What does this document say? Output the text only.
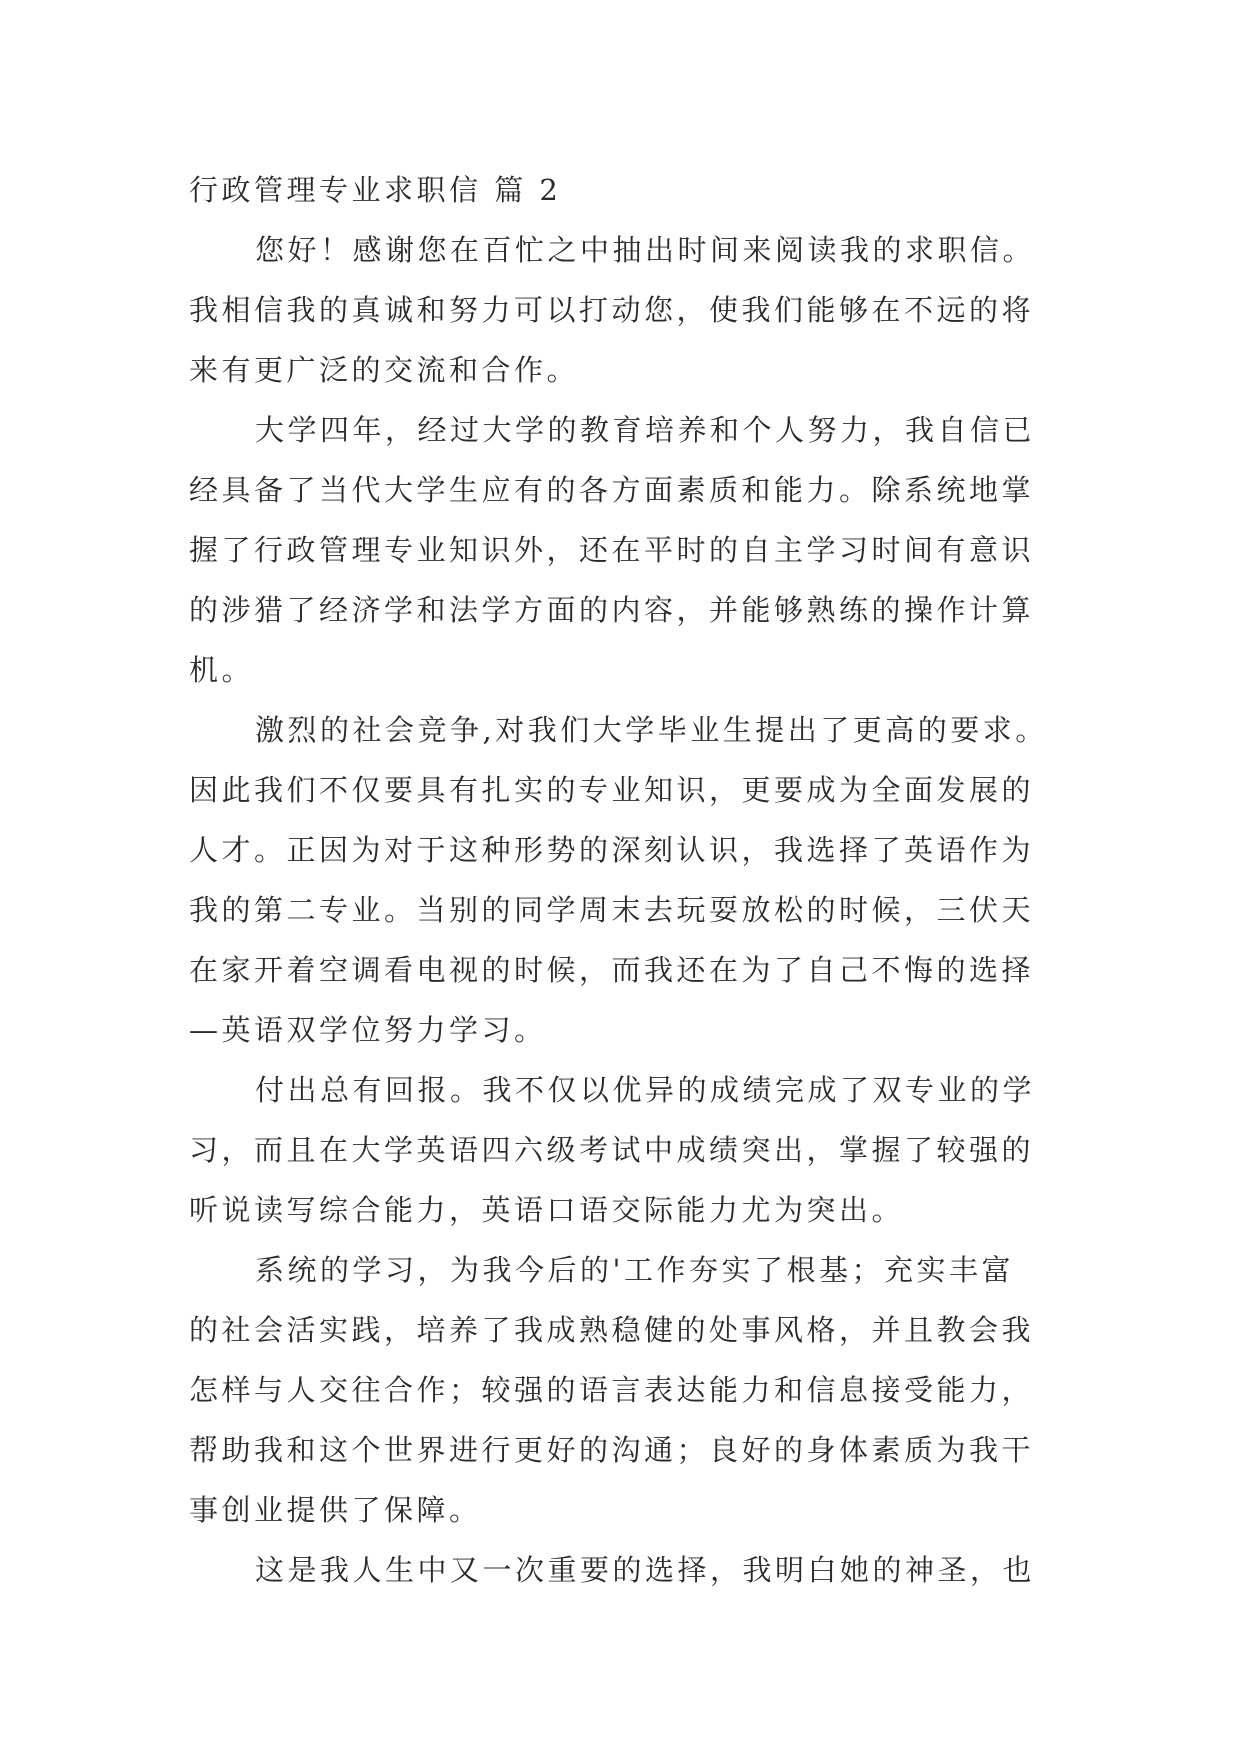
行政管理专业求职信 篇 2
您好！感谢您在百忙之中抽出时间来阅读我的求职信。
我相信我的真诚和努力可以打动您，使我们能够在不远的将
来有更广泛的交流和合作。
大学四年，经过大学的教育培养和个人努力，我自信已
经具备了当代大学生应有的各方面素质和能力。除系统地掌
握了行政管理专业知识外，还在平时的自主学习时间有意识
的涉猎了经济学和法学方面的内容，并能够熟练的操作计算
机。
激烈的社会竞争,对我们大学毕业生提出了更高的要求。
因此我们不仅要具有扎实的专业知识，更要成为全面发展的
人才。正因为对于这种形势的深刻认识，我选择了英语作为
我的第二专业。当别的同学周末去玩耍放松的时候，三伏天
在家开着空调看电视的时候，而我还在为了自己不悔的选择
—英语双学位努力学习。
付出总有回报。我不仅以优异的成绩完成了双专业的学
习，而且在大学英语四六级考试中成绩突出，掌握了较强的
听说读写综合能力，英语口语交际能力尤为突出。
系统的学习，为我今后的'工作夯实了根基；充实丰富
的社会活实践，培养了我成熟稳健的处事风格，并且教会我
怎样与人交往合作；较强的语言表达能力和信息接受能力，
帮助我和这个世界进行更好的沟通；良好的身体素质为我干
事创业提供了保障。
这是我人生中又一次重要的选择，我明白她的神圣，也
